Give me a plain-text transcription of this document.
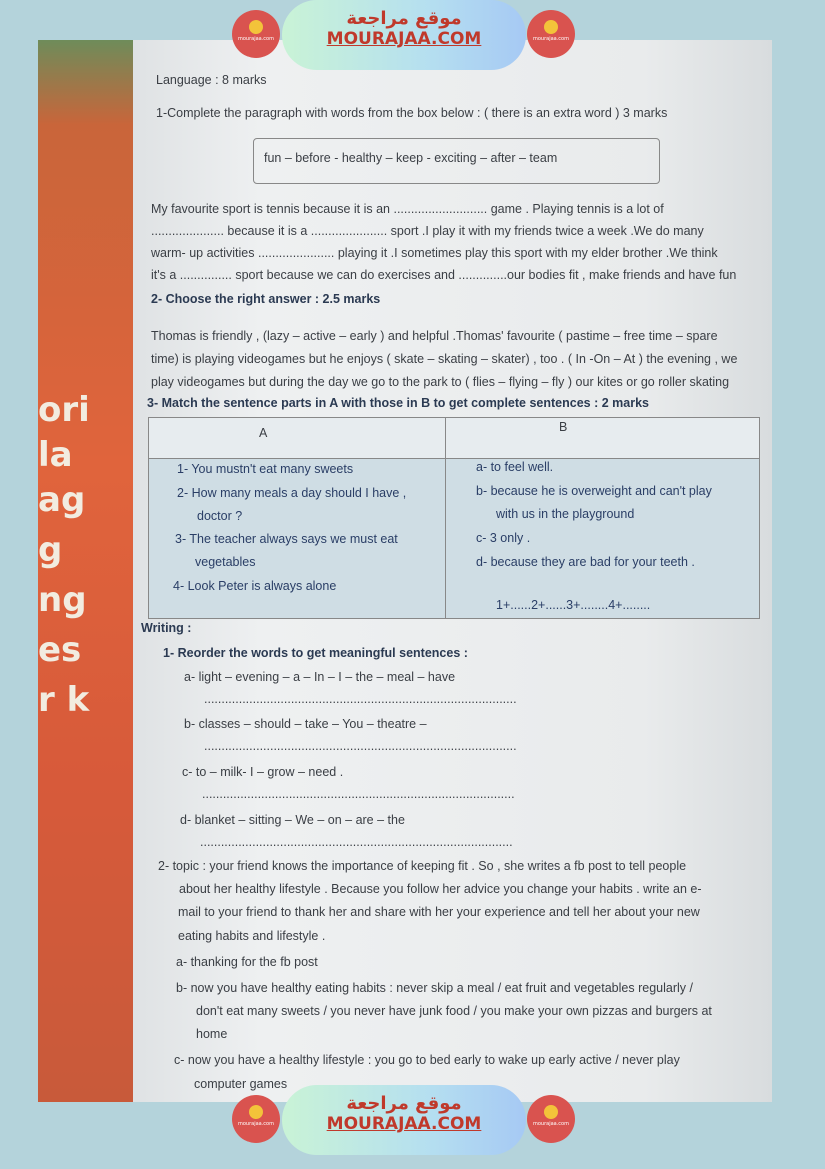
ori
la
ag
g
ng
es
r k
Language : 8 marks
1-Complete the paragraph with words from the box below : ( there is an extra word ) 3 marks
fun – before - healthy – keep - exciting – after – team
My favourite sport is tennis because it is an ........................... game . Playing tennis is a lot of
..................... because it is a ...................... sport .I play it with my friends twice a week .We do many
warm- up activities ...................... playing it .I sometimes play this sport with my elder brother .We think
it's a ............... sport because we can do exercises and ..............our bodies fit , make friends and have fun
2- Choose the right answer : 2.5 marks
Thomas is friendly , (lazy – active – early ) and helpful .Thomas' favourite ( pastime – free time – spare
time) is playing videogames but he enjoys ( skate – skating – skater) , too . ( In -On – At ) the evening , we
play videogames but during the day we go to the park to ( flies – flying – fly ) our kites or go roller skating
3- Match the sentence parts in A with those in B to get complete sentences : 2 marks
A	B
1- You mustn't eat many sweets
2- How many meals a day should I have ,
doctor ?
3- The teacher always says we must eat
vegetables
4- Look Peter is always alone
a- to feel well.
b- because he is overweight and can't play
with us in the playground
c- 3 only .
d- because they are bad for your teeth .
1+......2+......3+........4+........
Writing :
1- Reorder the words to get meaningful sentences :
a- light – evening – a – In – I – the – meal – have
..........................................................................................
b- classes – should – take – You – theatre –
..........................................................................................
c- to – milk- I – grow – need .
..........................................................................................
d- blanket – sitting – We – on – are – the
..........................................................................................
2- topic : your friend knows the importance of keeping fit . So , she writes a fb post to tell people
about her healthy lifestyle . Because you follow her advice you change your habits . write an e-
mail to your friend to thank her and share with her your experience and tell her about your new
eating habits and lifestyle .
a- thanking for the fb post
b- now you have healthy eating habits : never skip a meal / eat fruit and vegetables regularly /
don't eat many sweets / you never have junk food / you make your own pizzas and burgers at
home
c- now you have a healthy lifestyle : you go to bed early to wake up early active / never play
computer games
mourajaa.com
موقع مراجعة
MOURAJAA.COM	mourajaa.com
mourajaa.com
موقع مراجعة
MOURAJAA.COM	mourajaa.com
